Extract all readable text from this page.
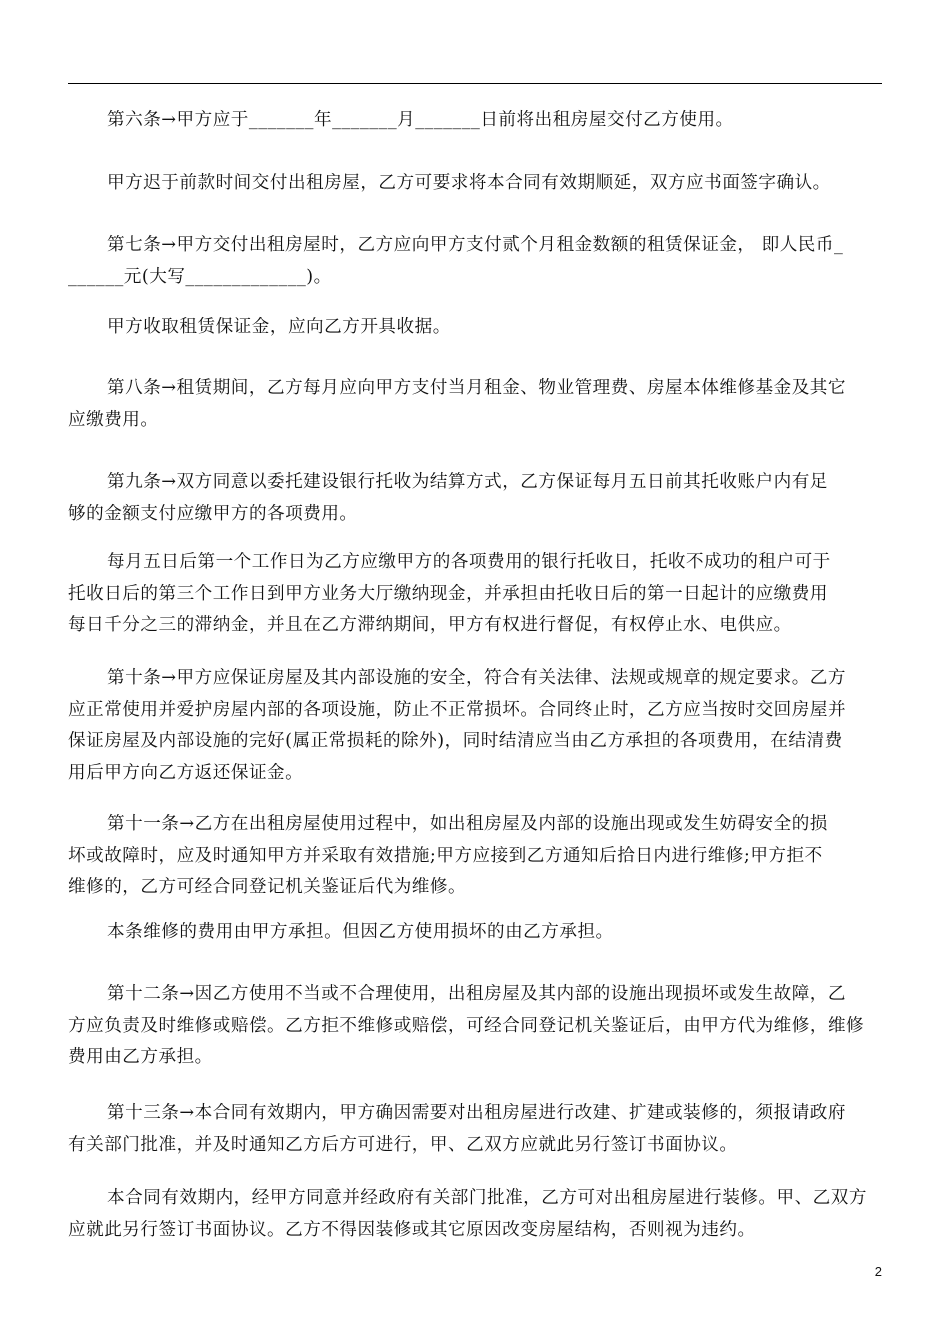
第六条→甲方应于_______年_______月_______日前将出租房屋交付乙方使用。
甲方迟于前款时间交付出租房屋，乙方可要求将本合同有效期顺延，双方应书面签字确认。
第七条→甲方交付出租房屋时，乙方应向甲方支付贰个月租金数额的租赁保证金， 即人民币_
______元(大写_____________)。
甲方收取租赁保证金，应向乙方开具收据。
第八条→租赁期间，乙方每月应向甲方支付当月租金、物业管理费、房屋本体维修基金及其它
应缴费用。
第九条→双方同意以委托建设银行托收为结算方式，乙方保证每月五日前其托收账户内有足
够的金额支付应缴甲方的各项费用。
每月五日后第一个工作日为乙方应缴甲方的各项费用的银行托收日，托收不成功的租户可于
托收日后的第三个工作日到甲方业务大厅缴纳现金，并承担由托收日后的第一日起计的应缴费用
每日千分之三的滞纳金，并且在乙方滞纳期间，甲方有权进行督促，有权停止水、电供应。
第十条→甲方应保证房屋及其内部设施的安全，符合有关法律、法规或规章的规定要求。乙方
应正常使用并爱护房屋内部的各项设施，防止不正常损坏。合同终止时，乙方应当按时交回房屋并
保证房屋及内部设施的完好(属正常损耗的除外)，同时结清应当由乙方承担的各项费用，在结清费
用后甲方向乙方返还保证金。
第十一条→乙方在出租房屋使用过程中，如出租房屋及内部的设施出现或发生妨碍安全的损
坏或故障时，应及时通知甲方并采取有效措施;甲方应接到乙方通知后拾日内进行维修;甲方拒不
维修的，乙方可经合同登记机关鉴证后代为维修。
本条维修的费用由甲方承担。但因乙方使用损坏的由乙方承担。
第十二条→因乙方使用不当或不合理使用，出租房屋及其内部的设施出现损坏或发生故障，乙
方应负责及时维修或赔偿。乙方拒不维修或赔偿，可经合同登记机关鉴证后，由甲方代为维修，维修
费用由乙方承担。
第十三条→本合同有效期内，甲方确因需要对出租房屋进行改建、扩建或装修的，须报请政府
有关部门批准，并及时通知乙方后方可进行，甲、乙双方应就此另行签订书面协议。
本合同有效期内，经甲方同意并经政府有关部门批准，乙方可对出租房屋进行装修。甲、乙双方
应就此另行签订书面协议。乙方不得因装修或其它原因改变房屋结构，否则视为违约。
2
